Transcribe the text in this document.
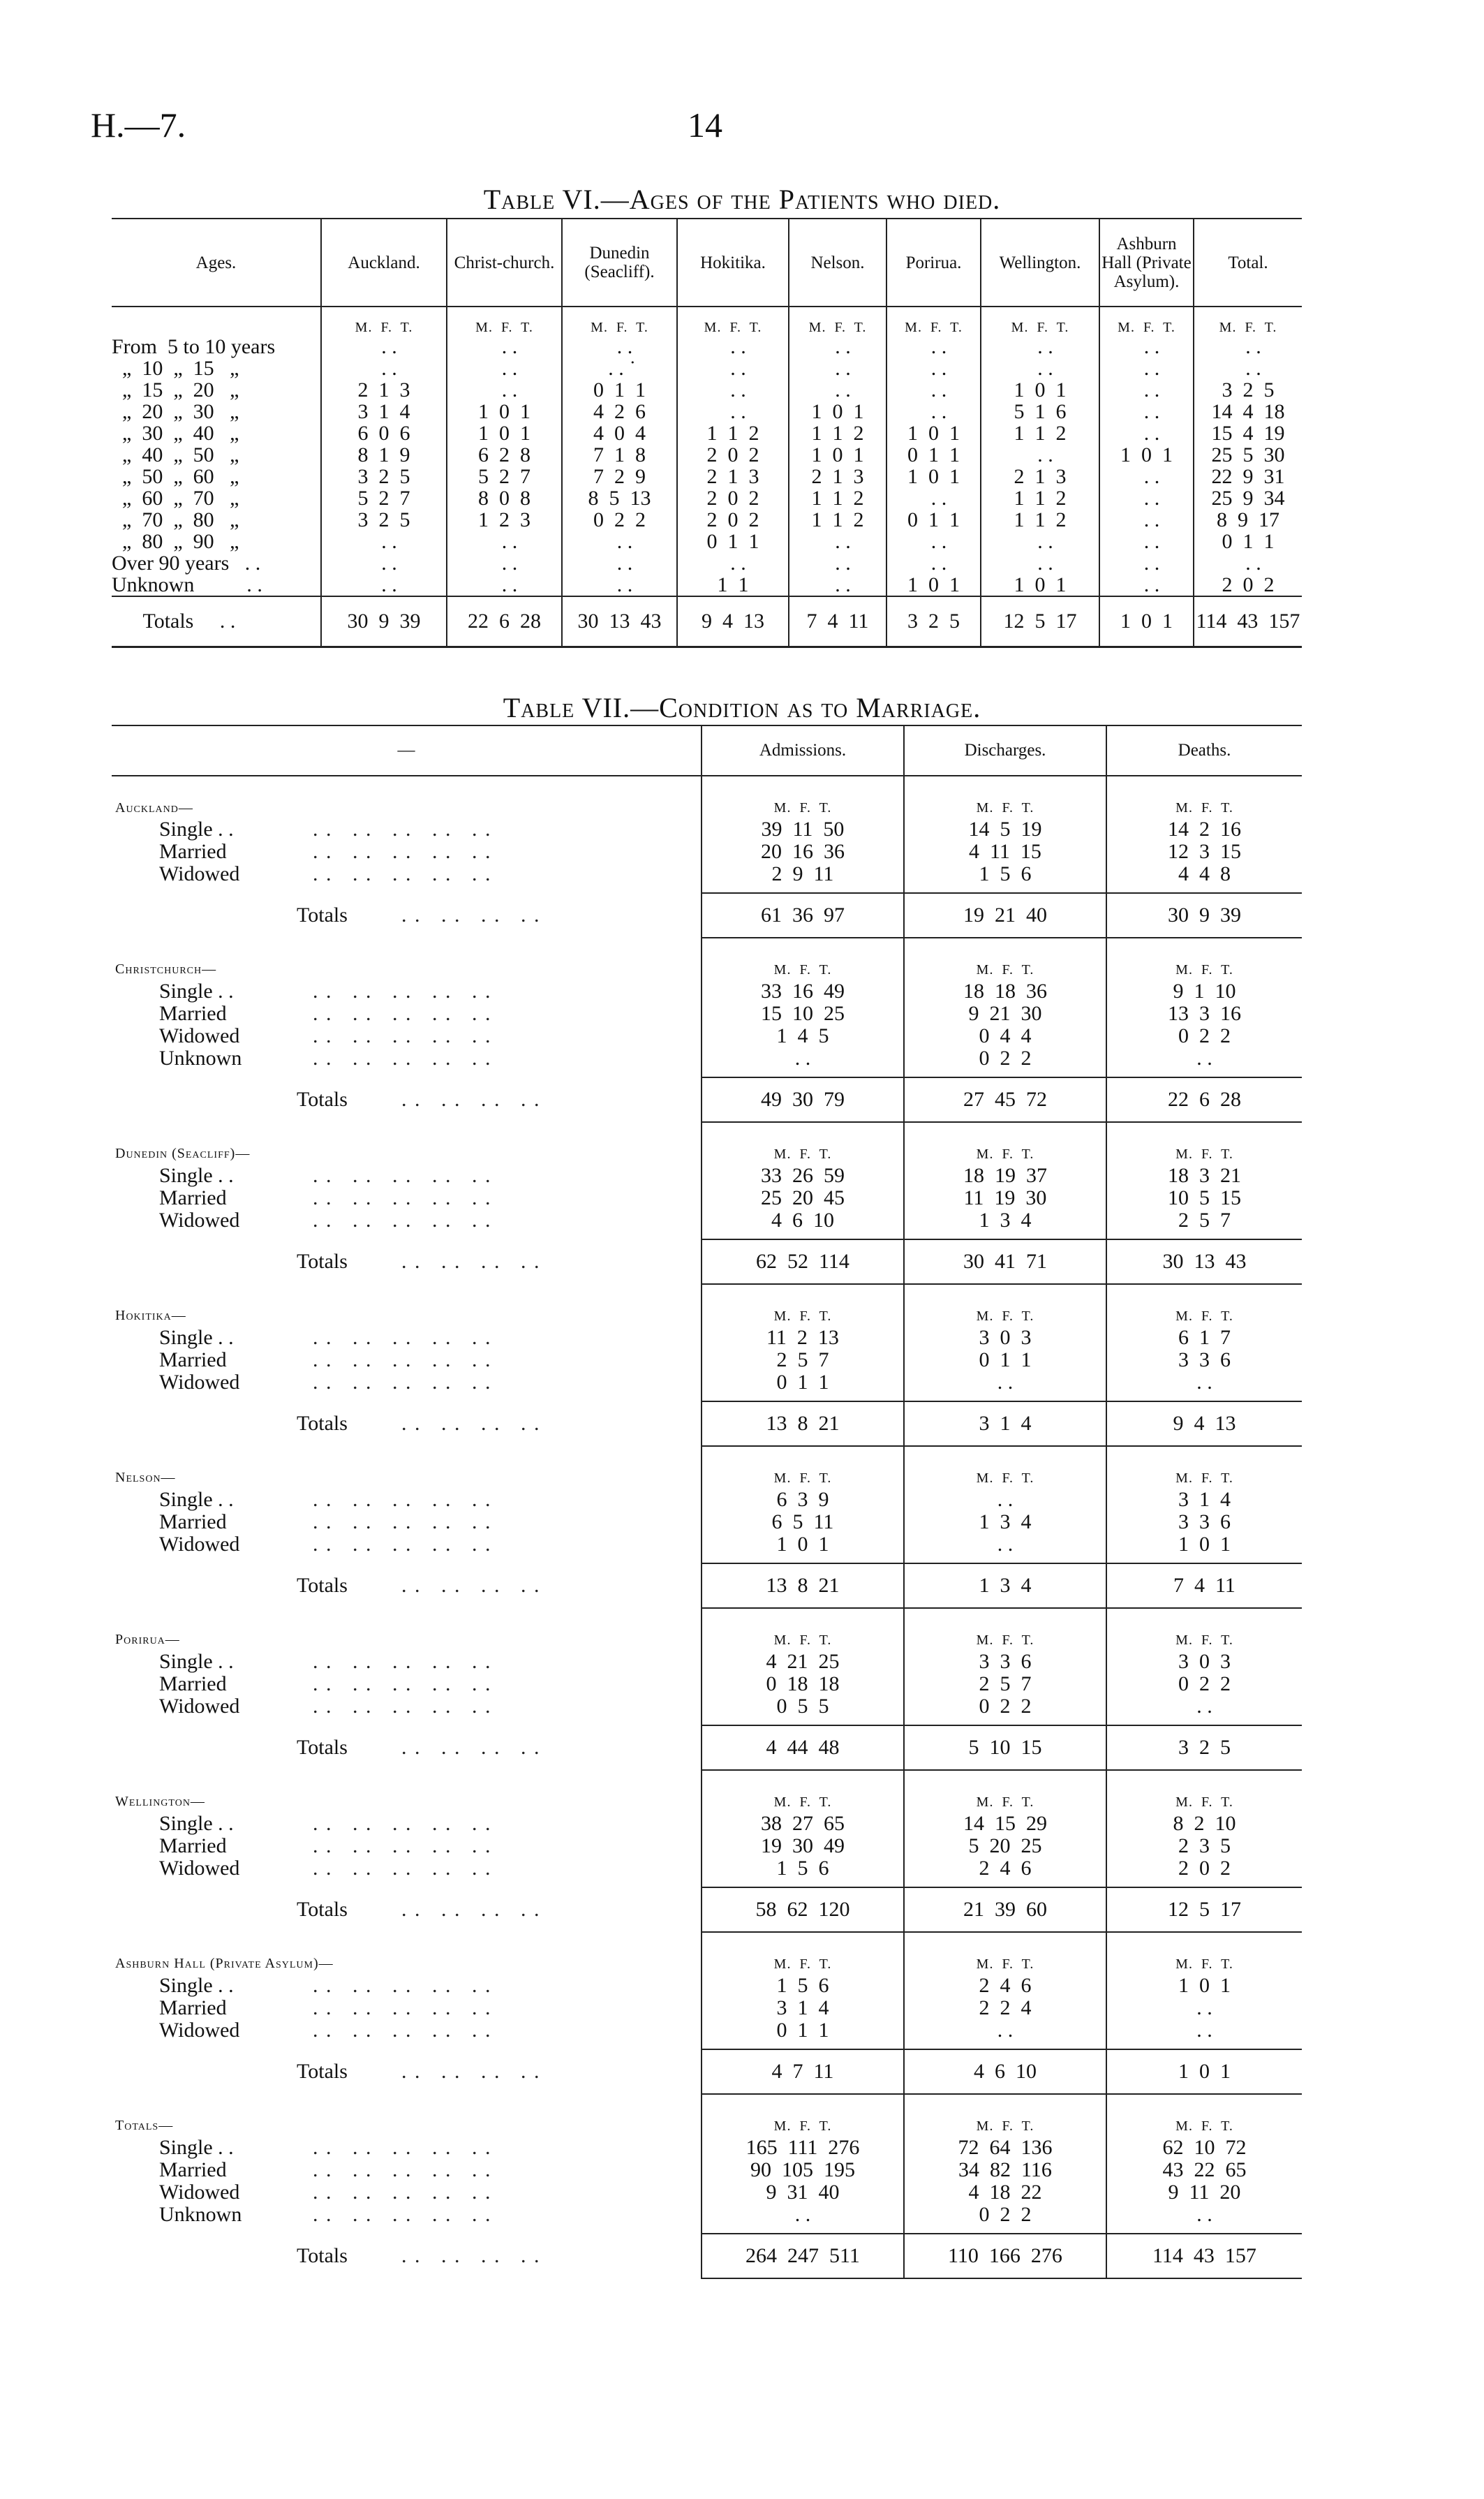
H.—7.	14
Table VI.—Ages of the Patients who died.
Ages.	Auckland.	Christ-church.	Dunedin (Seacliff).	Hokitika.	Nelson.	Porirua.	Wellington.	Ashburn Hall (Private Asylum).	Total.
	M.  F.  T.	M.  F.  T.	M.  F.  T.	M.  F.  T.	M.  F.  T.	M.  F.  T.	M.  F.  T.	M.  F.  T.	M.  F.  T.
From  5 to 10 years	. .	. .	. .	. .	. .	. .	. .	. .	. .
„  10  „  15   „	. .	. .	. . ˙	. .	. .	. .	. .	. .	. .
„  15  „  20   „	2  1  3	. .	0  1  1	. .	. .	. .	1  0  1	. .	3  2  5
„  20  „  30   „	3  1  4	1  0  1	4  2  6	. .	1  0  1	. .	5  1  6	. .	14  4  18
„  30  „  40   „	6  0  6	1  0  1	4  0  4	1  1  2	1  1  2	1  0  1	1  1  2	. .	15  4  19
„  40  „  50   „	8  1  9	6  2  8	7  1  8	2  0  2	1  0  1	0  1  1	. .	1  0  1	25  5  30
„  50  „  60   „	3  2  5	5  2  7	7  2  9	2  1  3	2  1  3	1  0  1	2  1  3	. .	22  9  31
„  60  „  70   „	5  2  7	8  0  8	8  5  13	2  0  2	1  1  2	. .	1  1  2	. .	25  9  34
„  70  „  80   „	3  2  5	1  2  3	0  2  2	2  0  2	1  1  2	0  1  1	1  1  2	. .	8  9  17
„  80  „  90   „	. .	. .	. .	0  1  1	. .	. .	. .	. .	0  1  1
Over 90 years   . .	. .	. .	. .	. .	. .	. .	. .	. .	. .
Unknown          . .	. .	. .	. .	1  1	. .	1  0  1	1  0  1	. .	2  0  2
Totals     . .	30  9  39	22  6  28	30  13  43	9  4  13	7  4  11	3  2  5	12  5  17	1  0  1	114  43  157
Table VII.—Condition as to Marriage.
—	Admissions.	Discharges.	Deaths.
Auckland—	M.  F.  T.	M.  F.  T.	M.  F.  T.
Single . . . .   . .   . .   . .   . .	39  11  50	14  5  19	14  2  16
Married . .   . .   . .   . .   . .	20  16  36	4  11  15	12  3  15
Widowed . .   . .   . .   . .   . .	2  9  11	1  5  6	4  4  8

Totals . .   . .   . .   . .	61  36  97	19  21  40	30  9  39
Christchurch—	M.  F.  T.	M.  F.  T.	M.  F.  T.
Single . . . .   . .   . .   . .   . .	33  16  49	18  18  36	9  1  10
Married . .   . .   . .   . .   . .	15  10  25	9  21  30	13  3  16
Widowed . .   . .   . .   . .   . .	1  4  5	0  4  4	0  2  2
Unknown . .   . .   . .   . .   . .	. .	0  2  2	. .

Totals . .   . .   . .   . .	49  30  79	27  45  72	22  6  28
Dunedin (Seacliff)—	M.  F.  T.	M.  F.  T.	M.  F.  T.
Single . . . .   . .   . .   . .   . .	33  26  59	18  19  37	18  3  21
Married . .   . .   . .   . .   . .	25  20  45	11  19  30	10  5  15
Widowed . .   . .   . .   . .   . .	4  6  10	1  3  4	2  5  7

Totals . .   . .   . .   . .	62  52  114	30  41  71	30  13  43
Hokitika—	M.  F.  T.	M.  F.  T.	M.  F.  T.
Single . . . .   . .   . .   . .   . .	11  2  13	3  0  3	6  1  7
Married . .   . .   . .   . .   . .	2  5  7	0  1  1	3  3  6
Widowed . .   . .   . .   . .   . .	0  1  1	. .	. .

Totals . .   . .   . .   . .	13  8  21	3  1  4	9  4  13
Nelson—	M.  F.  T.	M.  F.  T.	M.  F.  T.
Single . . . .   . .   . .   . .   . .	6  3  9	. .	3  1  4
Married . .   . .   . .   . .   . .	6  5  11	1  3  4	3  3  6
Widowed . .   . .   . .   . .   . .	1  0  1	. .	1  0  1

Totals . .   . .   . .   . .	13  8  21	1  3  4	7  4  11
Porirua—	M.  F.  T.	M.  F.  T.	M.  F.  T.
Single . . . .   . .   . .   . .   . .	4  21  25	3  3  6	3  0  3
Married . .   . .   . .   . .   . .	0  18  18	2  5  7	0  2  2
Widowed . .   . .   . .   . .   . .	0  5  5	0  2  2	. .

Totals . .   . .   . .   . .	4  44  48	5  10  15	3  2  5
Wellington—	M.  F.  T.	M.  F.  T.	M.  F.  T.
Single . . . .   . .   . .   . .   . .	38  27  65	14  15  29	8  2  10
Married . .   . .   . .   . .   . .	19  30  49	5  20  25	2  3  5
Widowed . .   . .   . .   . .   . .	1  5  6	2  4  6	2  0  2

Totals . .   . .   . .   . .	58  62  120	21  39  60	12  5  17
Ashburn Hall (Private Asylum)—	M.  F.  T.	M.  F.  T.	M.  F.  T.
Single . . . .   . .   . .   . .   . .	1  5  6	2  4  6	1  0  1
Married . .   . .   . .   . .   . .	3  1  4	2  2  4	. .
Widowed . .   . .   . .   . .   . .	0  1  1	. .	. .

Totals . .   . .   . .   . .	4  7  11	4  6  10	1  0  1
Totals—	M.  F.  T.	M.  F.  T.	M.  F.  T.
Single . . . .   . .   . .   . .   . .	165  111  276	72  64  136	62  10  72
Married . .   . .   . .   . .   . .	90  105  195	34  82  116	43  22  65
Widowed . .   . .   . .   . .   . .	9  31  40	4  18  22	9  11  20
Unknown . .   . .   . .   . .   . .	. .	0  2  2	. .

Totals . .   . .   . .   . .	264  247  511	110  166  276	114  43  157
